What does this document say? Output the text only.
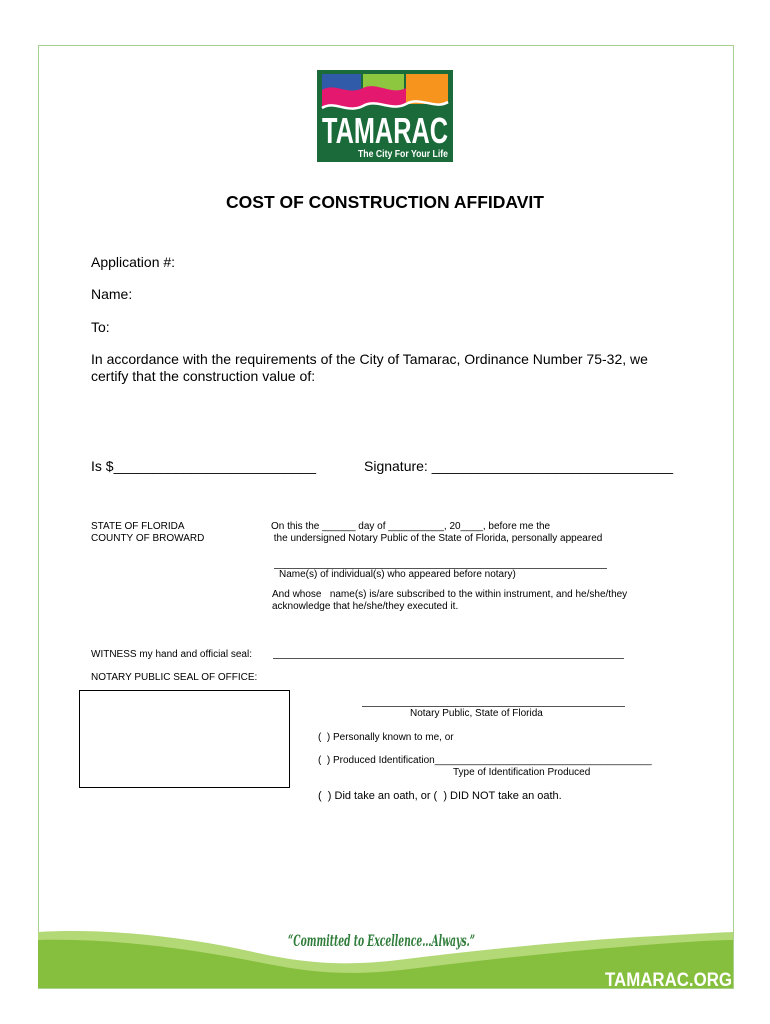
TAMARAC
The City For Your Life
COST OF CONSTRUCTION AFFIDAVIT
Application #:
Name:
To:
In accordance with the requirements of the City of Tamarac, Ordinance Number 75-32, we
certify that the construction value of:
Is $__________________________	Signature: _______________________________
STATE OF FLORIDA
COUNTY OF BROWARD
On this the ______ day of __________, 20____, before me the
the undersigned Notary Public of the State of Florida, personally appeared
Name(s) of individual(s) who appeared before notary)
And whose   name(s) is/are subscribed to the within instrument, and he/she/they
acknowledge that he/she/they executed it.
WITNESS my hand and official seal:
NOTARY PUBLIC SEAL OF OFFICE:
Notary Public, State of Florida
(  ) Personally known to me, or
(  ) Produced Identification_______________________________________
Type of Identification Produced
(  ) Did take an oath, or (  ) DID NOT take an oath.
“Committed to Excellence…Always.”
TAMARAC.ORG
